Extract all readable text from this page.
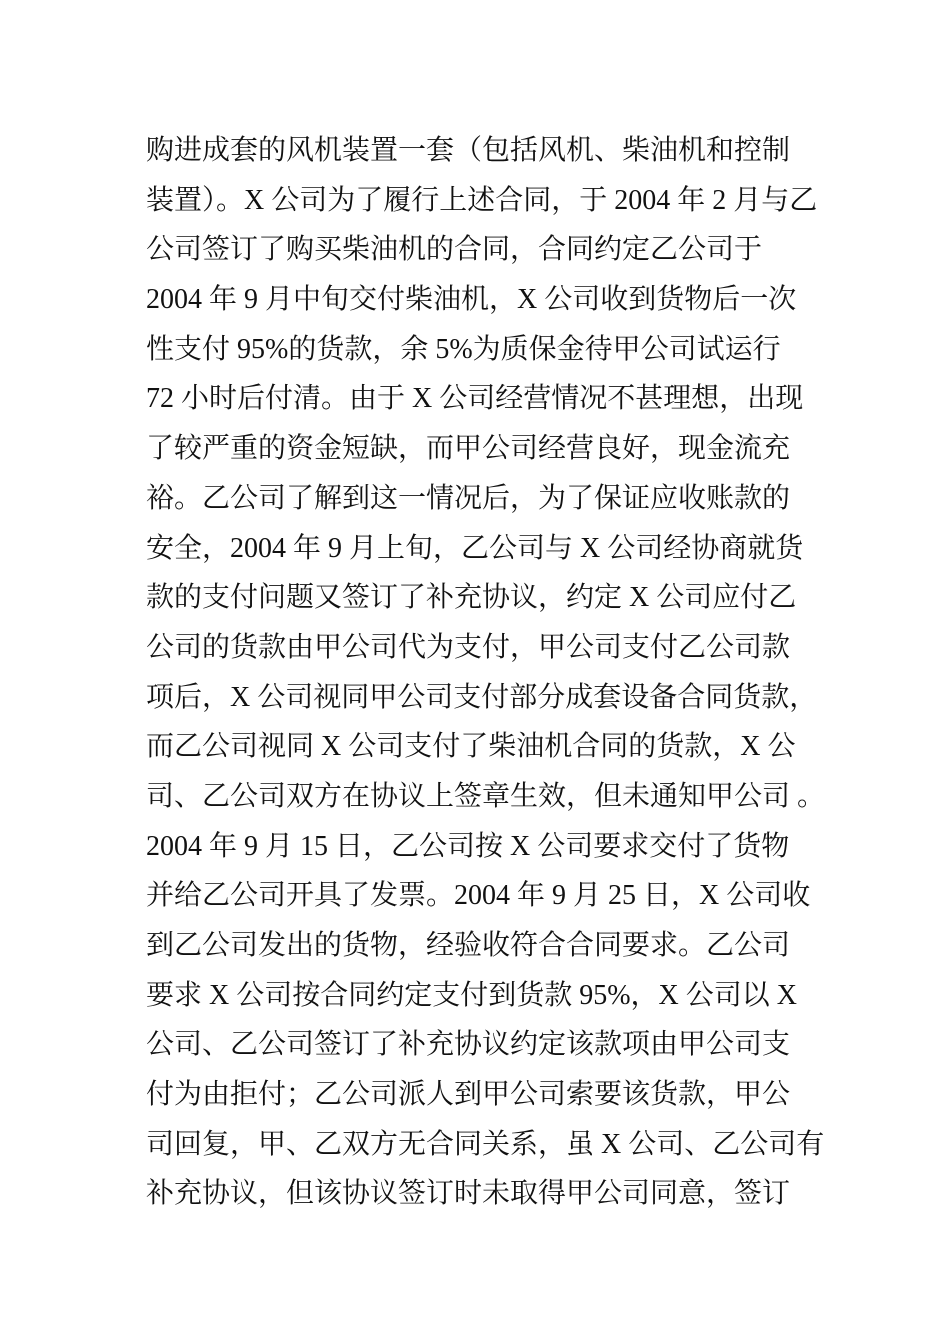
购进成套的风机装置一套（包括风机、柴油机和控制
装置）。X 公司为了履行上述合同，于 2004 年 2 月与乙
公司签订了购买柴油机的合同，合同约定乙公司于
2004 年 9 月中旬交付柴油机，X 公司收到货物后一次
性支付 95%的货款，余 5%为质保金待甲公司试运行
72 小时后付清。由于 X 公司经营情况不甚理想，出现
了较严重的资金短缺，而甲公司经营良好，现金流充
裕。乙公司了解到这一情况后，为了保证应收账款的
安全，2004 年 9 月上旬，乙公司与 X 公司经协商就货
款的支付问题又签订了补充协议，约定 X 公司应付乙
公司的货款由甲公司代为支付，甲公司支付乙公司款
项后，X 公司视同甲公司支付部分成套设备合同货款，
而乙公司视同 X 公司支付了柴油机合同的货款，X 公
司、乙公司双方在协议上签章生效，但未通知甲公司 。
2004 年 9 月 15 日，乙公司按 X 公司要求交付了货物
并给乙公司开具了发票。2004 年 9 月 25 日，X 公司收
到乙公司发出的货物，经验收符合合同要求。乙公司
要求 X 公司按合同约定支付到货款 95%，X 公司以 X
公司、乙公司签订了补充协议约定该款项由甲公司支
付为由拒付；乙公司派人到甲公司索要该货款，甲公
司回复，甲、乙双方无合同关系，虽 X 公司、乙公司有
补充协议，但该协议签订时未取得甲公司同意，签订
